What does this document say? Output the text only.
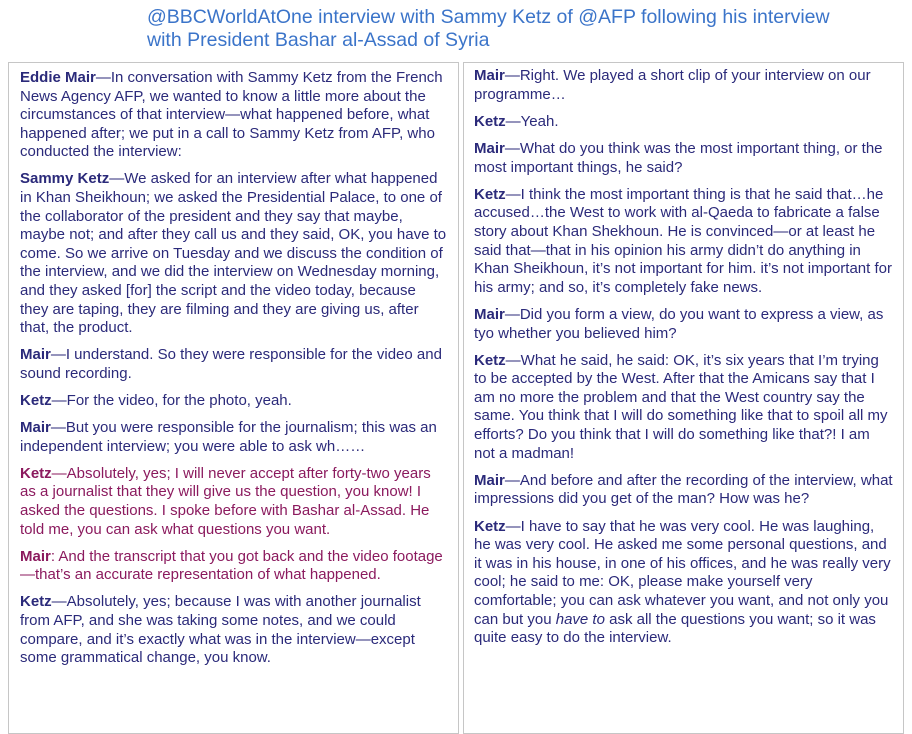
@BBCWorldAtOne interview with Sammy Ketz of @AFP following his interview with President Bashar al-Assad of Syria

Eddie Mair—In conversation with Sammy Ketz from the French News Agency AFP, we wanted to know a little more about the circumstances of that interview—what happened before, what happened after; we put in a call to Sammy Ketz from AFP, who conducted the interview:

Sammy Ketz—We asked for an interview after what happened in Khan Sheikhoun; we asked the Presidential Palace, to one of the collaborator of the president and they say that maybe, maybe not; and after they call us and they said, OK, you have to come. So we arrive on Tuesday and we discuss the condition of the interview, and we did the interview on Wednesday morning, and they asked [for] the script and the video today, because they are taping, they are filming and they are giving us, after that, the product.

Mair—I understand. So they were responsible for the video and sound recording.

Ketz—For the video, for the photo, yeah.

Mair—But you were responsible for the journalism; this was an independent interview; you were able to ask wh……

Ketz—Absolutely, yes; I will never accept after forty-two years as a journalist that they will give us the question, you know! I asked the questions. I spoke before with Bashar al-Assad. He told me, you can ask what questions you want.

Mair: And the transcript that you got back and the video footage—that’s an accurate representation of what happened.

Ketz—Absolutely, yes; because I was with another journalist from AFP, and she was taking some notes, and we could compare, and it’s exactly what was in the interview—except some grammatical change, you know.

Mair—Right. We played a short clip of your interview on our programme…

Ketz—Yeah.

Mair—What do you think was the most important thing, or the most important things, he said?

Ketz—I think the most important thing is that he said that…he accused…the West to work with al-Qaeda to fabricate a false story about Khan Shekhoun. He is convinced—or at least he said that—that in his opinion his army didn’t do anything in Khan Sheikhoun, it’s not important for him. it’s not important for his army; and so, it’s completely fake news.

Mair—Did you form a view, do you want to express a view, as tyo whether you believed him?

Ketz—What he said, he said: OK, it’s six years that I’m trying to be accepted by the West. After that the Amicans say that I am no more the problem and that the West country say the same. You think that I will do something like that to spoil all my efforts? Do you think that I will do something like that?! I am not a madman!

Mair—And before and after the recording of the interview, what impressions did you get of the man? How was he?

Ketz—I have to say that he was very cool. He was laughing, he was very cool. He asked me some personal questions, and it was in his house, in one of his offices, and he was really very cool; he said to me: OK, please make yourself very comfortable; you can ask whatever you want, and not only you can but you have to ask all the questions you want; so it was quite easy to do the interview.
